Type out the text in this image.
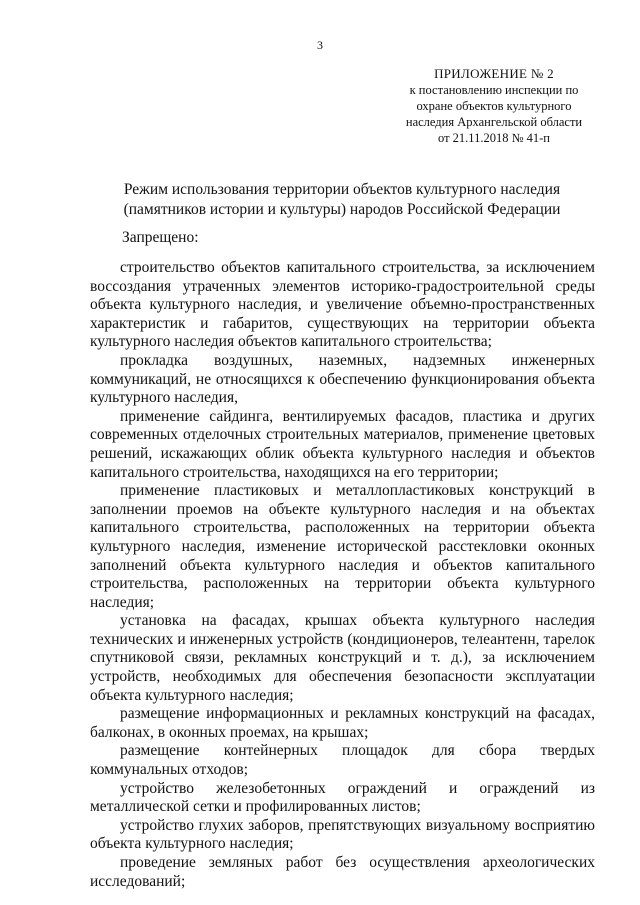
3
ПРИЛОЖЕНИЕ № 2
к постановлению инспекции по
охране объектов культурного
наследия Архангельской области
от 21.11.2018 № 41-п
Режим использования территории объектов культурного наследия
(памятников истории и культуры) народов Российской Федерации
Запрещено:

строительство объектов капитального строительства, за исключением воссоздания утраченных элементов историко-градостроительной среды объекта культурного наследия, и увеличение объемно-пространственных характеристик и габаритов, существующих на территории объекта культурного наследия объектов капитального строительства;

прокладка воздушных, наземных, надземных инженерных коммуникаций, не относящихся к обеспечению функционирования объекта культурного наследия,

применение сайдинга, вентилируемых фасадов, пластика и других современных отделочных строительных материалов, применение цветовых решений, искажающих облик объекта культурного наследия и объектов капитального строительства, находящихся на его территории;

применение пластиковых и металлопластиковых конструкций в заполнении проемов на объекте культурного наследия и на объектах капитального строительства, расположенных на территории объекта культурного наследия, изменение исторической расстекловки оконных заполнений объекта культурного наследия и объектов капитального строительства, расположенных на территории объекта культурного наследия;

установка на фасадах, крышах объекта культурного наследия технических и инженерных устройств (кондиционеров, телеантенн, тарелок спутниковой связи, рекламных конструкций и т. д.), за исключением устройств, необходимых для обеспечения безопасности эксплуатации объекта культурного наследия;

размещение информационных и рекламных конструкций на фасадах, балконах, в оконных проемах, на крышах;

размещение контейнерных площадок для сбора твердых коммунальных отходов;

устройство железобетонных ограждений и ограждений из металлической сетки и профилированных листов;

устройство глухих заборов, препятствующих визуальному восприятию объекта культурного наследия;

проведение земляных работ без осуществления археологических исследований;
